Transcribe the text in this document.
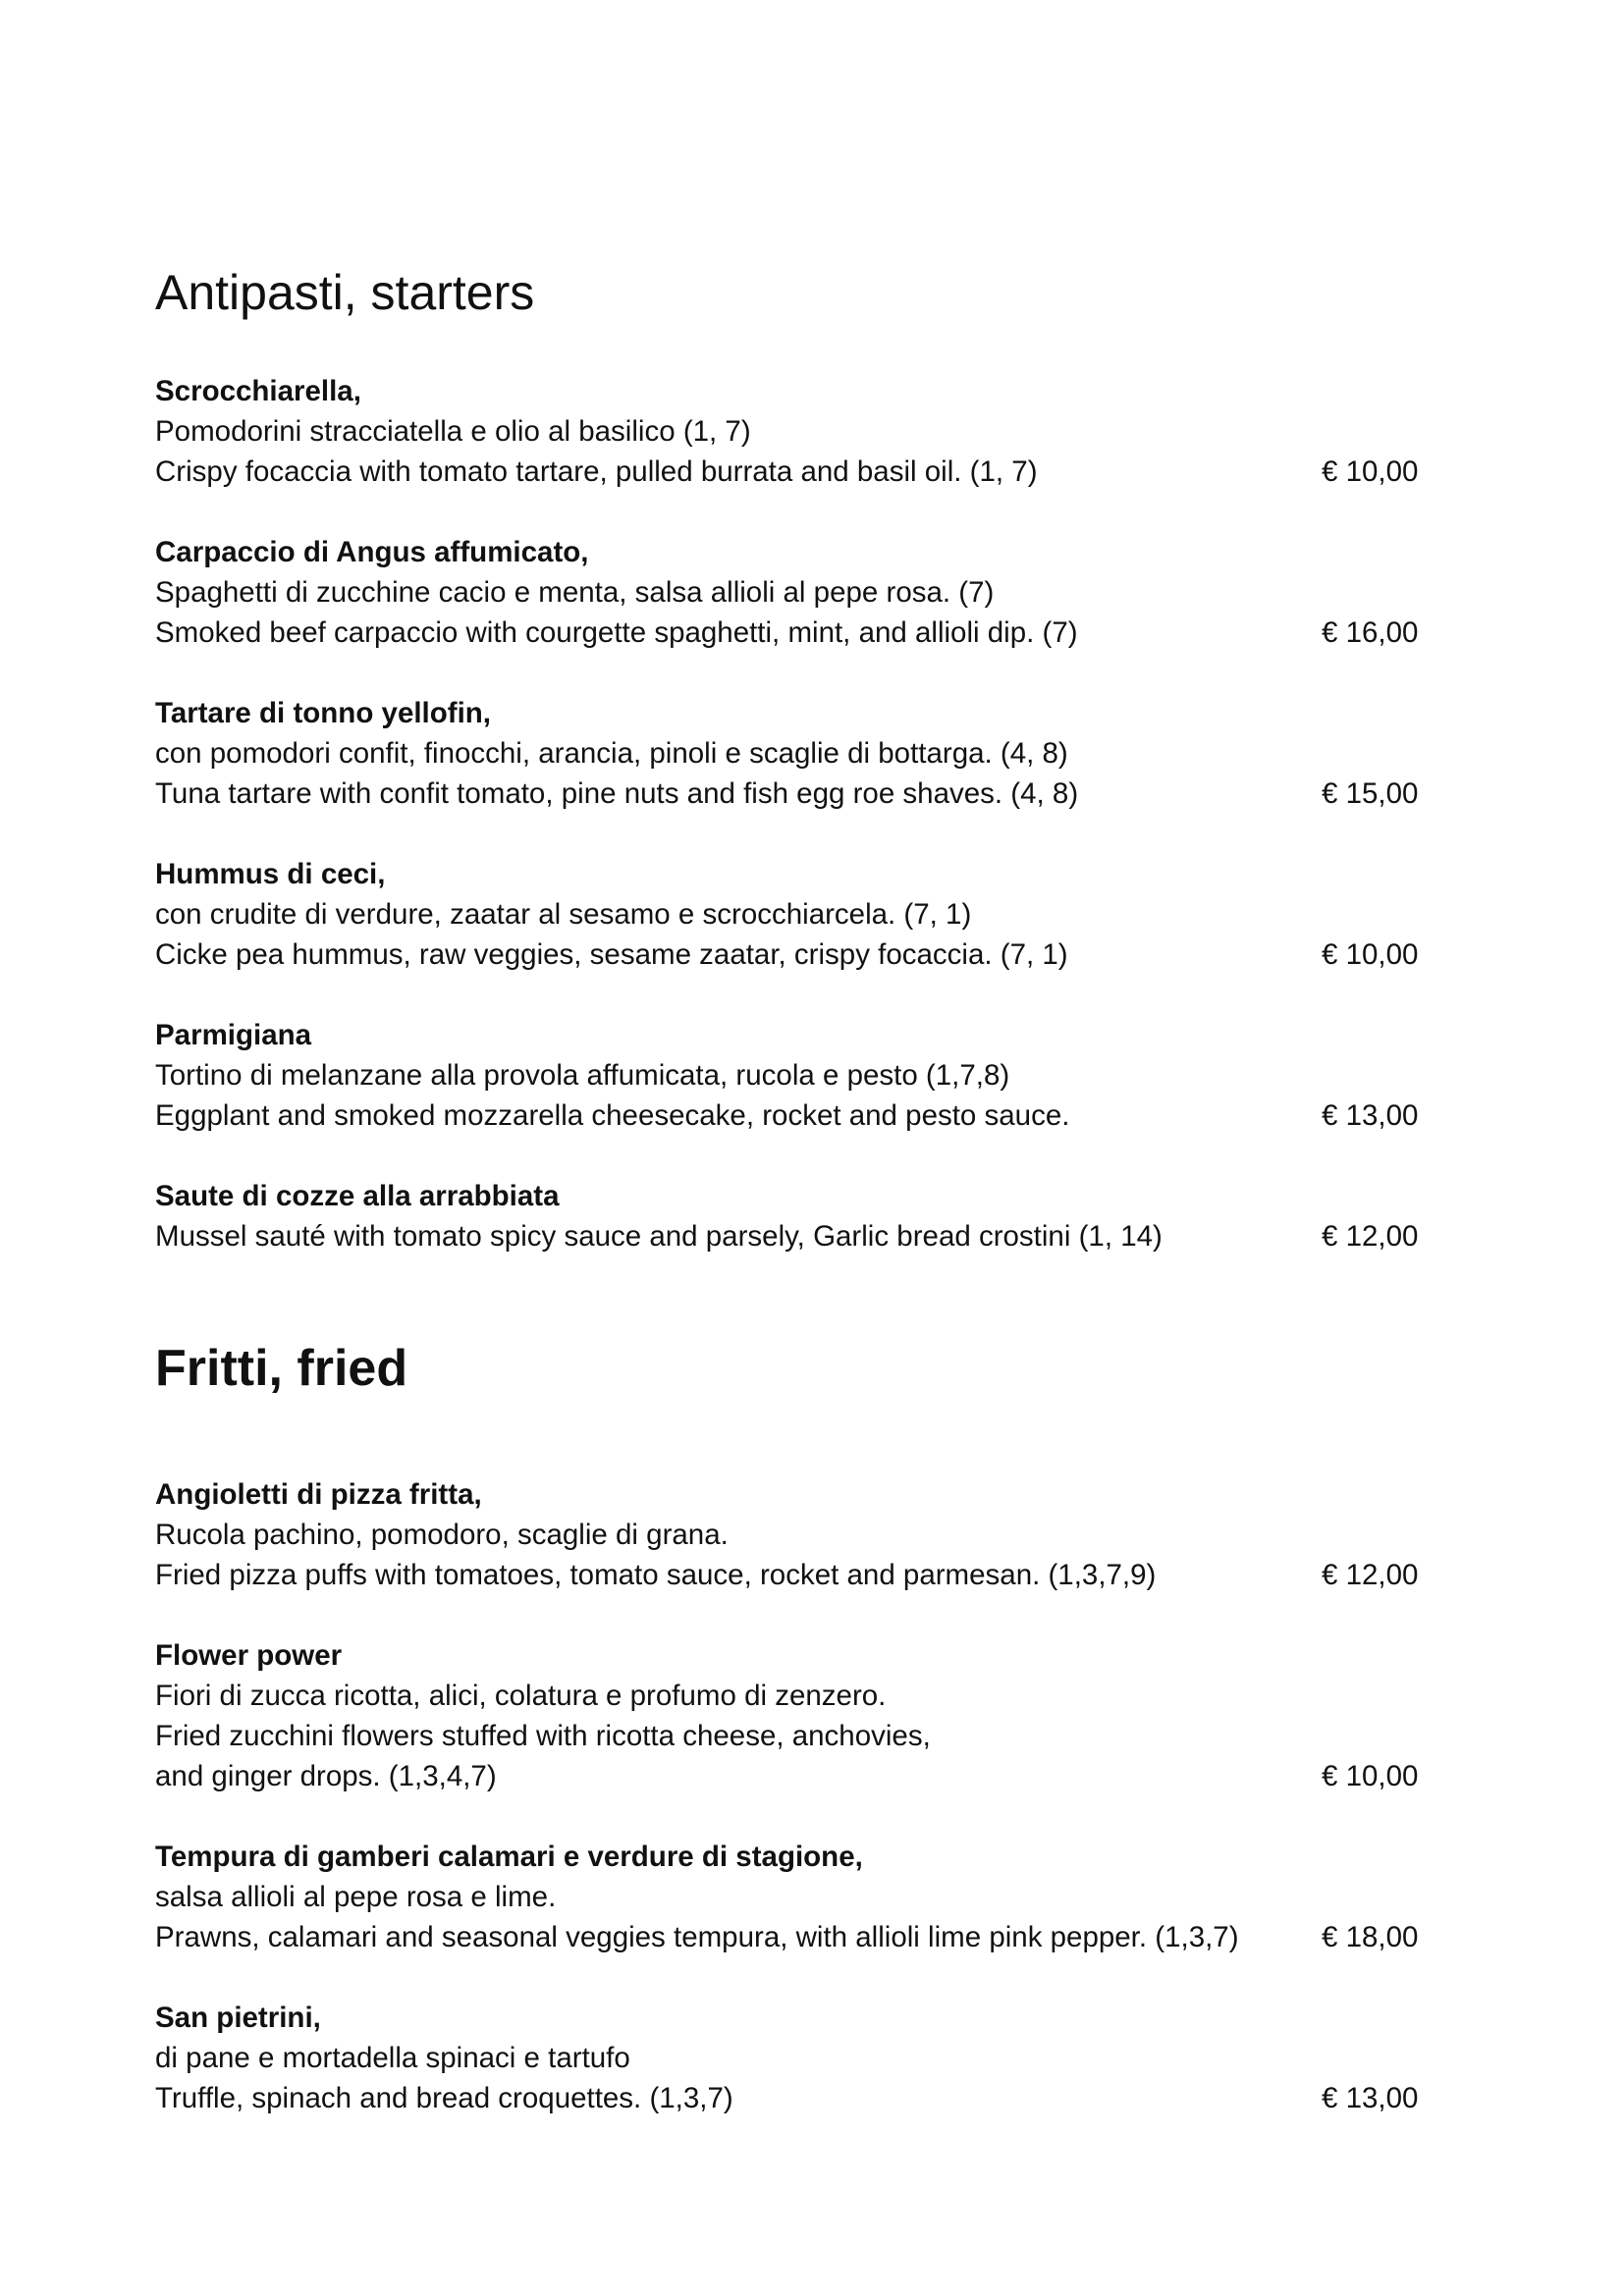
Antipasti, starters
Scrocchiarella,
Pomodorini stracciatella e olio al basilico (1, 7)
Crispy focaccia with tomato tartare, pulled burrata and basil oil. (1, 7)	€ 10,00
Carpaccio di Angus affumicato,
Spaghetti di zucchine cacio e menta, salsa allioli al pepe rosa. (7)
Smoked beef carpaccio with courgette spaghetti, mint, and allioli dip. (7)	€ 16,00
Tartare di tonno yellofin,
con pomodori confit, finocchi, arancia, pinoli e scaglie di bottarga. (4, 8)
Tuna tartare with confit tomato, pine nuts and fish egg roe shaves. (4, 8)	€ 15,00
Hummus di ceci,
con crudite di verdure, zaatar al sesamo e scrocchiarcela. (7, 1)
Cicke pea hummus, raw veggies, sesame zaatar, crispy focaccia. (7, 1)	€ 10,00
Parmigiana
Tortino di melanzane alla provola affumicata, rucola e pesto (1,7,8)
Eggplant and smoked mozzarella cheesecake, rocket and pesto sauce.	€ 13,00
Saute di cozze alla arrabbiata
Mussel sauté with tomato spicy sauce and parsely, Garlic bread crostini (1, 14)	€ 12,00
Fritti, fried
Angioletti di pizza fritta,
Rucola pachino, pomodoro, scaglie di grana.
Fried pizza puffs with tomatoes, tomato sauce, rocket and parmesan. (1,3,7,9)	€ 12,00
Flower power
Fiori di zucca ricotta, alici, colatura e profumo di zenzero.
Fried zucchini flowers stuffed with ricotta cheese, anchovies,
and ginger drops. (1,3,4,7)	€ 10,00
Tempura di gamberi calamari e verdure di stagione,
salsa allioli al pepe rosa e lime.
Prawns, calamari and seasonal veggies tempura, with allioli lime pink pepper. (1,3,7)	€ 18,00
San pietrini,
di pane e mortadella spinaci e tartufo
Truffle, spinach and bread croquettes. (1,3,7)	€ 13,00
